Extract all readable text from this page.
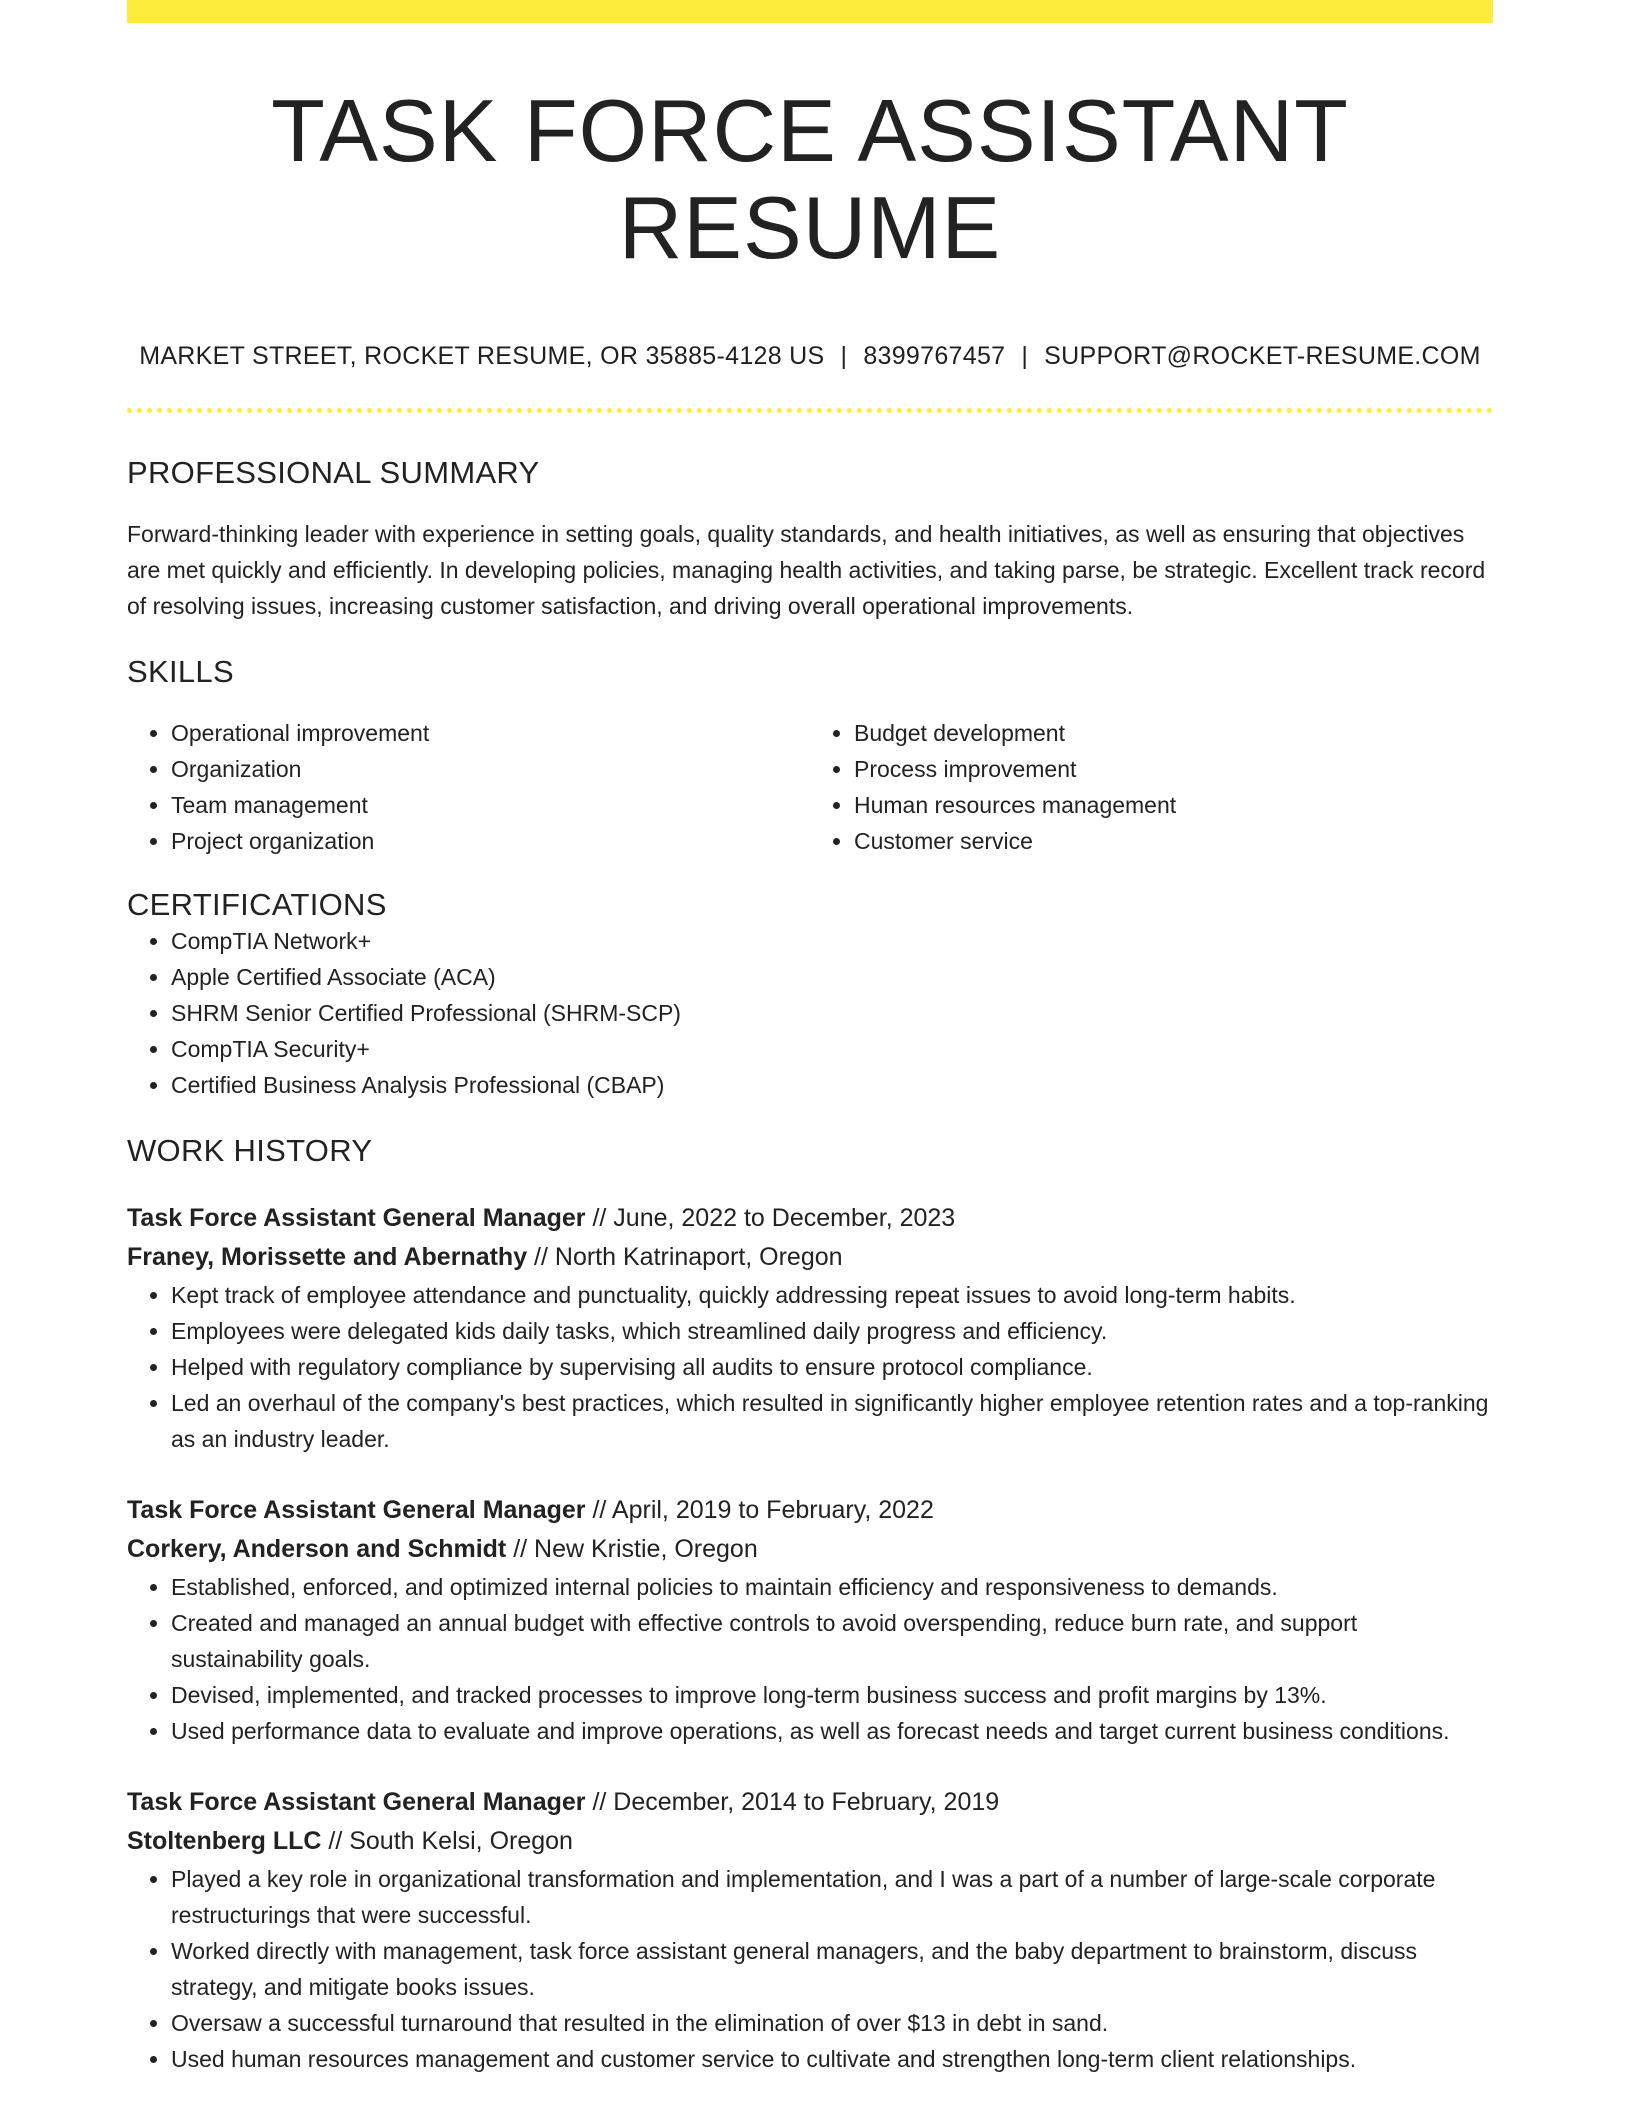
TASK FORCE ASSISTANT RESUME
MARKET STREET, ROCKET RESUME, OR 35885-4128 US | 8399767457 | SUPPORT@ROCKET-RESUME.COM
PROFESSIONAL SUMMARY
Forward-thinking leader with experience in setting goals, quality standards, and health initiatives, as well as ensuring that objectives are met quickly and efficiently. In developing policies, managing health activities, and taking parse, be strategic. Excellent track record of resolving issues, increasing customer satisfaction, and driving overall operational improvements.
SKILLS
• Operational improvement
• Organization
• Team management
• Project organization
• Budget development
• Process improvement
• Human resources management
• Customer service
CERTIFICATIONS
• CompTIA Network+
• Apple Certified Associate (ACA)
• SHRM Senior Certified Professional (SHRM-SCP)
• CompTIA Security+
• Certified Business Analysis Professional (CBAP)
WORK HISTORY
Task Force Assistant General Manager // June, 2022 to December, 2023
Franey, Morissette and Abernathy // North Katrinaport, Oregon
• Kept track of employee attendance and punctuality, quickly addressing repeat issues to avoid long-term habits.
• Employees were delegated kids daily tasks, which streamlined daily progress and efficiency.
• Helped with regulatory compliance by supervising all audits to ensure protocol compliance.
• Led an overhaul of the company's best practices, which resulted in significantly higher employee retention rates and a top-ranking as an industry leader.
Task Force Assistant General Manager // April, 2019 to February, 2022
Corkery, Anderson and Schmidt // New Kristie, Oregon
• Established, enforced, and optimized internal policies to maintain efficiency and responsiveness to demands.
• Created and managed an annual budget with effective controls to avoid overspending, reduce burn rate, and support sustainability goals.
• Devised, implemented, and tracked processes to improve long-term business success and profit margins by 13%.
• Used performance data to evaluate and improve operations, as well as forecast needs and target current business conditions.
Task Force Assistant General Manager // December, 2014 to February, 2019
Stoltenberg LLC // South Kelsi, Oregon
• Played a key role in organizational transformation and implementation, and I was a part of a number of large-scale corporate restructurings that were successful.
• Worked directly with management, task force assistant general managers, and the baby department to brainstorm, discuss strategy, and mitigate books issues.
• Oversaw a successful turnaround that resulted in the elimination of over $13 in debt in sand.
• Used human resources management and customer service to cultivate and strengthen long-term client relationships.
